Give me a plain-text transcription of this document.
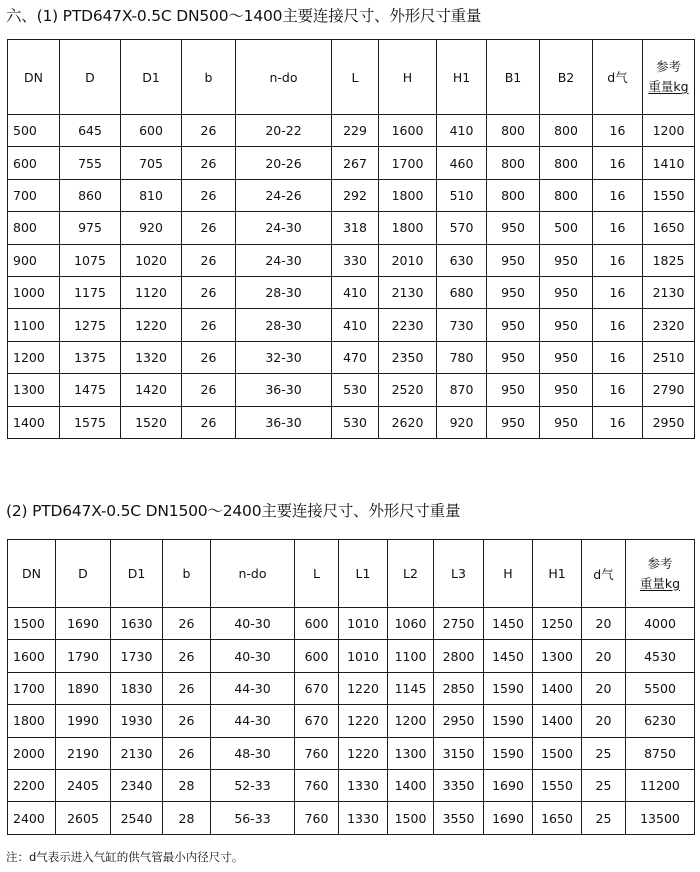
六、(1) PTD647X-0.5C DN500～1400主要连接尺寸、外形尺寸重量
DN	D	D1	b	n-do	L	H	H1	B1	B2	d气	参考
重量kg

500	645	600	26	20-22	229	1600	410	800	800	16	1200
600	755	705	26	20-26	267	1700	460	800	800	16	1410
700	860	810	26	24-26	292	1800	510	800	800	16	1550
800	975	920	26	24-30	318	1800	570	950	500	16	1650
900	1075	1020	26	24-30	330	2010	630	950	950	16	1825
1000	1175	1120	26	28-30	410	2130	680	950	950	16	2130
1100	1275	1220	26	28-30	410	2230	730	950	950	16	2320
1200	1375	1320	26	32-30	470	2350	780	950	950	16	2510
1300	1475	1420	26	36-30	530	2520	870	950	950	16	2790
1400	1575	1520	26	36-30	530	2620	920	950	950	16	2950
(2) PTD647X-0.5C DN1500～2400主要连接尺寸、外形尺寸重量
DN	D	D1	b	n-do	L	L1	L2	L3	H	H1	d气	参考
重量kg

1500	1690	1630	26	40-30	600	1010	1060	2750	1450	1250	20	4000
1600	1790	1730	26	40-30	600	1010	1100	2800	1450	1300	20	4530
1700	1890	1830	26	44-30	670	1220	1145	2850	1590	1400	20	5500
1800	1990	1930	26	44-30	670	1220	1200	2950	1590	1400	20	6230
2000	2190	2130	26	48-30	760	1220	1300	3150	1590	1500	25	8750
2200	2405	2340	28	52-33	760	1330	1400	3350	1690	1550	25	11200
2400	2605	2540	28	56-33	760	1330	1500	3550	1690	1650	25	13500
注：d气表示进入气缸的供气管最小内径尺寸。
